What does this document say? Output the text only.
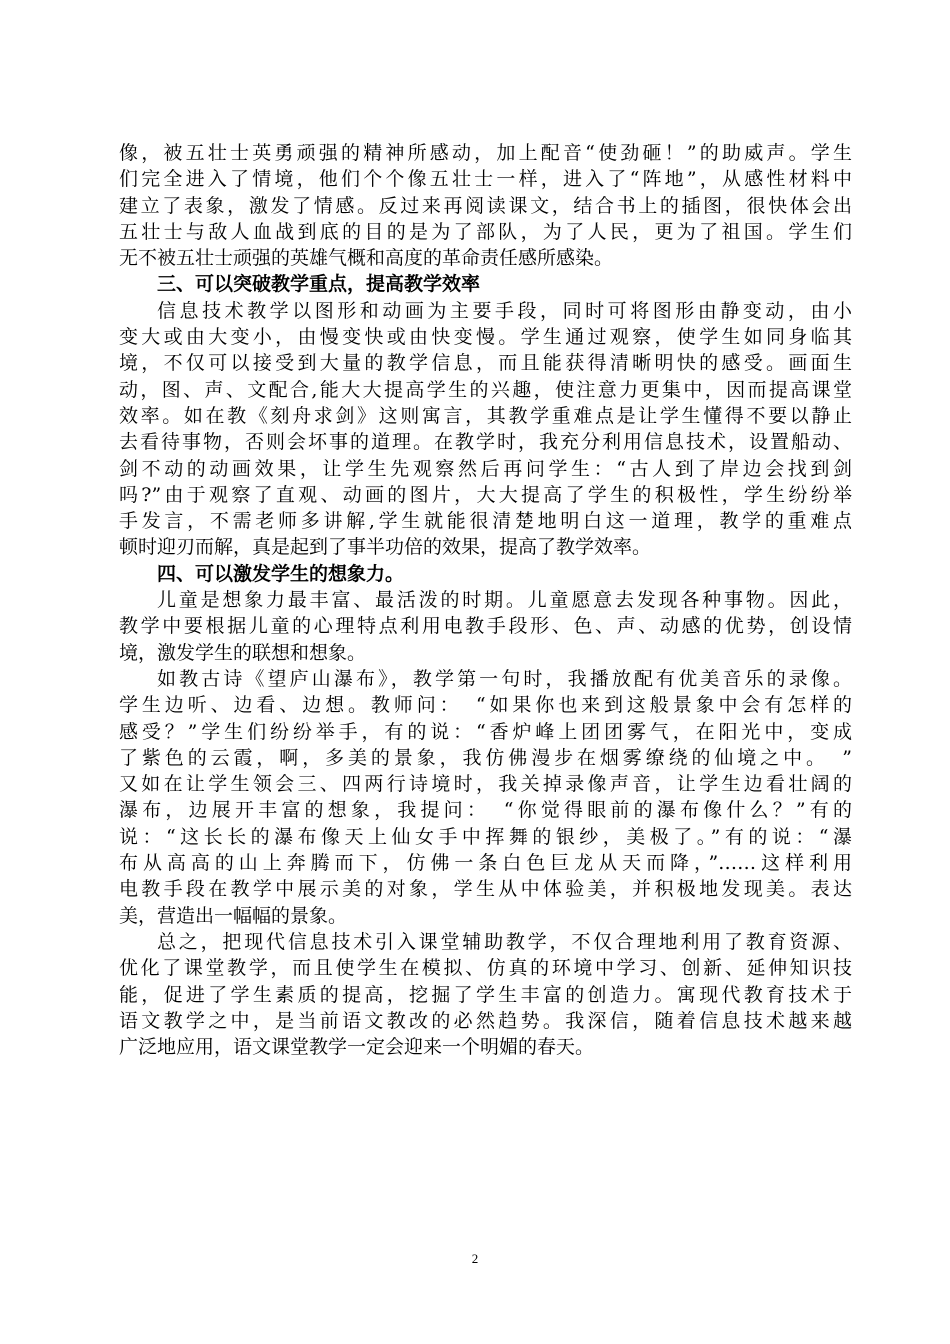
像，被五壮士英勇顽强的精神所感动，加上配音“使劲砸！”的助威声。学生
们完全进入了情境，他们个个像五壮士一样，进入了“阵地”，从感性材料中
建立了表象，激发了情感。反过来再阅读课文，结合书上的插图，很快体会出
五壮士与敌人血战到底的目的是为了部队，为了人民，更为了祖国。学生们
无不被五壮士顽强的英雄气概和高度的革命责任感所感染。
三、可以突破教学重点，提高教学效率
信息技术教学以图形和动画为主要手段，同时可将图形由静变动，由小
变大或由大变小，由慢变快或由快变慢。学生通过观察，使学生如同身临其
境，不仅可以接受到大量的教学信息，而且能获得清晰明快的感受。画面生
动，图、声、文配合,能大大提高学生的兴趣，使注意力更集中，因而提高课堂
效率。如在教《刻舟求剑》这则寓言，其教学重难点是让学生懂得不要以静止
去看待事物，否则会坏事的道理。在教学时，我充分利用信息技术，设置船动、
剑不动的动画效果，让学生先观察然后再问学生：“古人到了岸边会找到剑
吗?”由于观察了直观、动画的图片，大大提高了学生的积极性，学生纷纷举
手发言，不需老师多讲解,学生就能很清楚地明白这一道理，教学的重难点
顿时迎刃而解，真是起到了事半功倍的效果，提高了教学效率。
四、可以激发学生的想象力。
儿童是想象力最丰富、最活泼的时期。儿童愿意去发现各种事物。因此，
教学中要根据儿童的心理特点利用电教手段形、色、声、动感的优势，创设情
境，激发学生的联想和想象。
如教古诗《望庐山瀑布》，教学第一句时，我播放配有优美音乐的录像。
学生边听、边看、边想。教师问：　“如果你也来到这般景象中会有怎样的
感受？”学生们纷纷举手，有的说：“香炉峰上团团雾气，在阳光中，变成
了紫色的云霞，啊，多美的景象，我仿佛漫步在烟雾缭绕的仙境之中。　”
又如在让学生领会三、四两行诗境时，我关掉录像声音，让学生边看壮阔的
瀑布，边展开丰富的想象，我提问：　“你觉得眼前的瀑布像什么？”有的
说：“这长长的瀑布像天上仙女手中挥舞的银纱，美极了。”有的说：“瀑
布从高高的山上奔腾而下，仿佛一条白色巨龙从天而降，”……这样利用
电教手段在教学中展示美的对象，学生从中体验美，并积极地发现美。表达
美，营造出一幅幅的景象。
总之，把现代信息技术引入课堂辅助教学，不仅合理地利用了教育资源、
优化了课堂教学，而且使学生在模拟、仿真的环境中学习、创新、延伸知识技
能，促进了学生素质的提高，挖掘了学生丰富的创造力。寓现代教育技术于
语文教学之中，是当前语文教改的必然趋势。我深信，随着信息技术越来越
广泛地应用，语文课堂教学一定会迎来一个明媚的春天。
2
